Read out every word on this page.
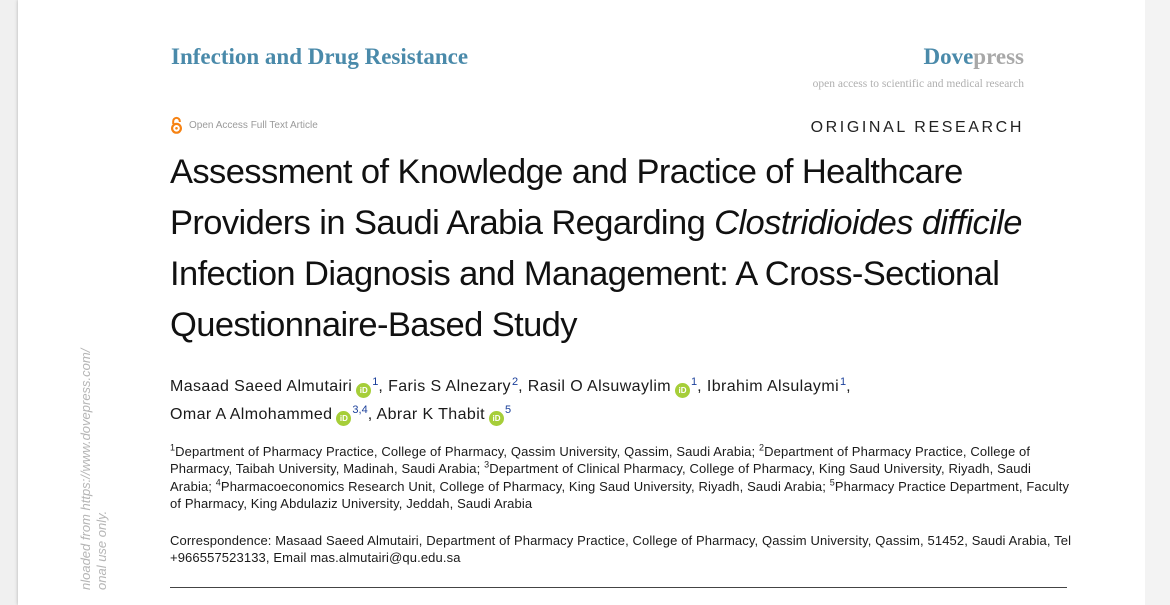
Infection and Drug Resistance	Dovepress
open access to scientific and medical research
Open Access Full Text Article	ORIGINAL RESEARCH
Assessment of Knowledge and Practice of Healthcare Providers in Saudi Arabia Regarding Clostridioides difficile Infection Diagnosis and Management: A Cross-Sectional Questionnaire-Based Study
Masaad Saeed Almutairi $iD^1$, Faris S Alnezary$^2$, Rasil O Alsuwaylim $iD^1$, Ibrahim Alsulaymi$^1$,
Omar A Almohammed iD$^{3,4}$, Abrar K Thabit $iD^5$
$^1$Department of Pharmacy Practice, College of Pharmacy, Qassim University, Qassim, Saudi Arabia; $^2$Department of Pharmacy Practice, College of Pharmacy, Taibah University, Madinah, Saudi Arabia; $^3$Department of Clinical Pharmacy, College of Pharmacy, King Saud University, Riyadh, Saudi Arabia; $^4$Pharmacoeconomics Research Unit, College of Pharmacy, King Saud University, Riyadh, Saudi Arabia; $^5$Pharmacy Practice Department, Faculty of Pharmacy, King Abdulaziz University, Jeddah, Saudi Arabia
Correspondence: Masaad Saeed Almutairi, Department of Pharmacy Practice, College of Pharmacy, Qassim University, Qassim, 51452, Saudi Arabia, Tel +966557523133, Email mas.almutairi@qu.edu.sa
nloaded from https://www.dovepress.com/ onal use only.
